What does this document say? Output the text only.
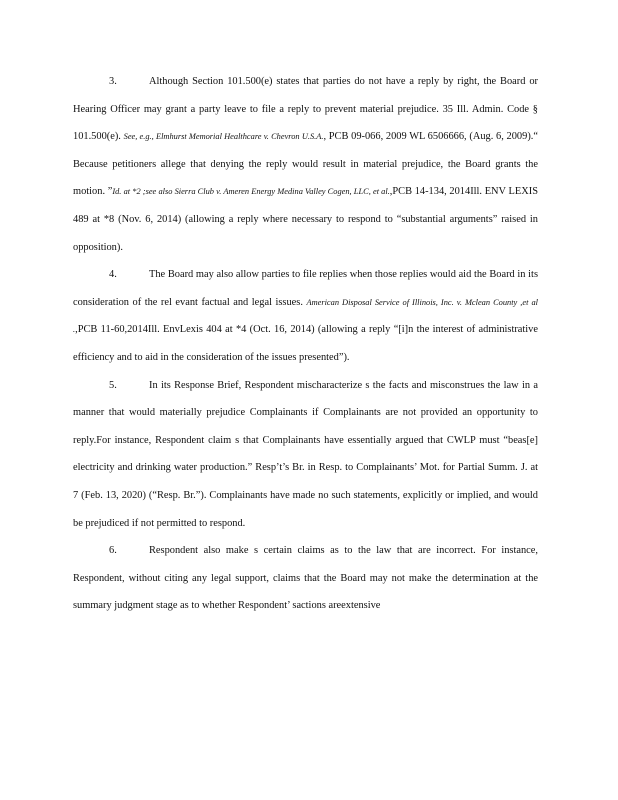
3.	Although Section 101.500(e) states that parties do not have a reply by right, the Board or Hearing Officer may grant a party leave to file a reply to prevent material prejudice. 35 Ill. Admin. Code § 101.500(e). See, e.g., Elmhurst Memorial Healthcare v. Chevron U.S.A., PCB 09-066, 2009 WL 6506666, (Aug. 6, 2009).“ Because petitioners allege that denying the reply would result in material prejudice, the Board grants the motion. ”Id. at *2 ;see also Sierra Club v. Ameren Energy Medina Valley Cogen, LLC, et al.,PCB 14-134, 2014Ill. ENV LEXIS 489 at *8 (Nov. 6, 2014) (allowing a reply where necessary to respond to “substantial arguments” raised in opposition).

4.	The Board may also allow parties to file replies when those replies would aid the Board in its consideration of the rel evant factual and legal issues. American Disposal Service of Illinois, Inc. v. Mclean County ,et al .,PCB 11-60,2014Ill. EnvLexis 404 at *4 (Oct. 16, 2014) (allowing a reply “[i]n the interest of administrative efficiency and to aid in the consideration of the issues presented”).

5.	In its Response Brief, Respondent mischaracterize s the facts and misconstrues the law in a manner that would materially prejudice Complainants if Complainants are not provided an opportunity to reply.For instance, Respondent claim s that Complainants have essentially argued that CWLP must “beas[e] electricity and drinking water production.” Resp’t’s Br. in Resp. to Complainants’ Mot. for Partial Summ. J. at 7 (Feb. 13, 2020) (“Resp. Br.”). Complainants have made no such statements, explicitly or implied, and would be prejudiced if not permitted to respond.

6.	Respondent also make s certain claims as to the law that are incorrect. For instance, Respondent, without citing any legal support, claims that the Board may not make the determination at the summary judgment stage as to whether Respondent’ sactions areextensive
